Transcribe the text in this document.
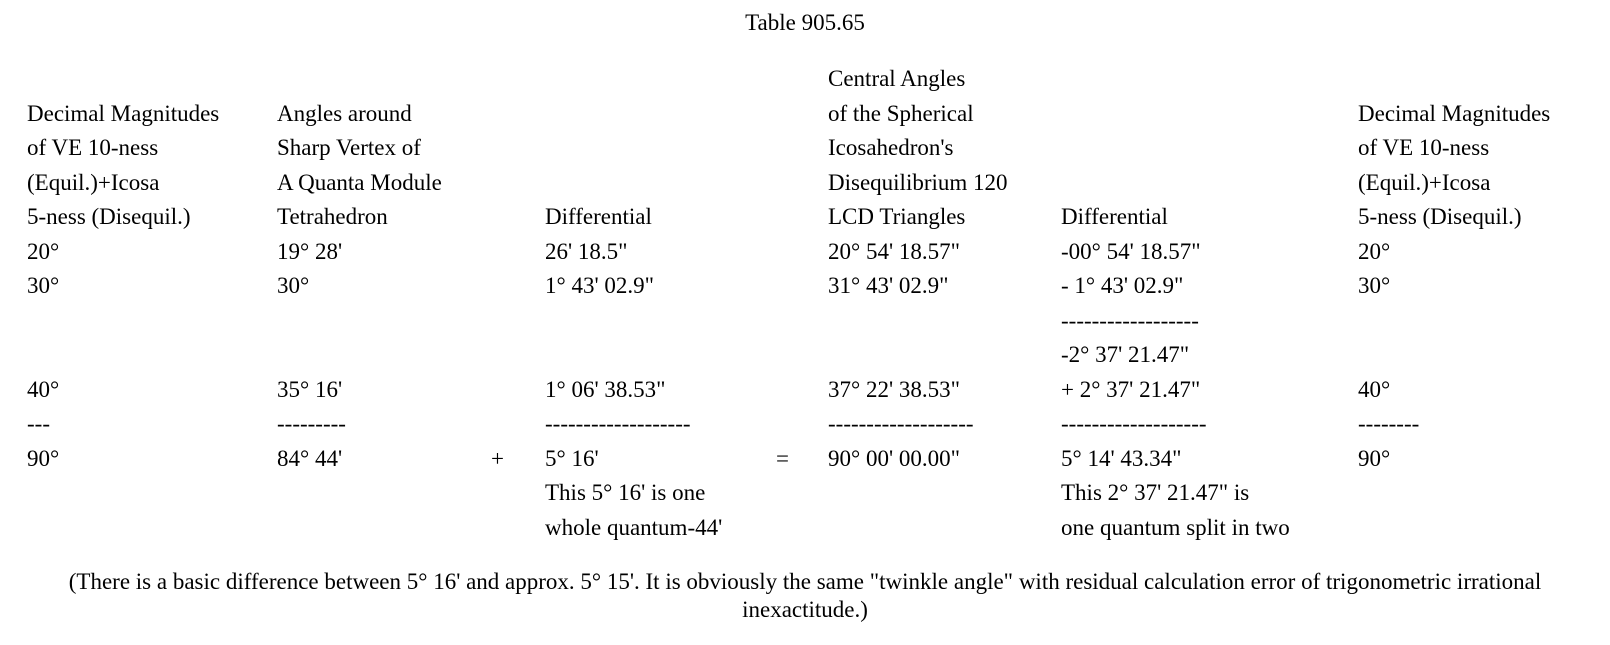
Table 905.65
Decimal Magnitudes
of VE 10-ness
(Equil.)+Icosa
5-ness (Disequil.)
20°
30°
40°
---
90°
Angles around
Sharp Vertex of
A Quanta Module
Tetrahedron
19° 28'
30°
35° 16'
---------
84° 44'
Differential
26' 18.5"
1° 43' 02.9"
1° 06' 38.53"
-------------------
5° 16'
This 5° 16' is one
whole quantum-44'
Central Angles
of the Spherical
Icosahedron's
Disequilibrium 120
LCD Triangles
20° 54' 18.57"
31° 43' 02.9"
37° 22' 38.53"
-------------------
90° 00' 00.00"
Differential
-00° 54' 18.57"
- 1° 43' 02.9"
------------------
-2° 37' 21.47"
+ 2° 37' 21.47"
-------------------
5° 14' 43.34"
This 2° 37' 21.47" is
one quantum split in two
Decimal Magnitudes
of VE 10-ness
(Equil.)+Icosa
5-ness (Disequil.)
20°
30°
40°
--------
90°
+	=
(There is a basic difference between 5° 16' and approx. 5° 15'. It is obviously the same "twinkle angle" with residual calculation error of trigonometric irrational inexactitude.)
